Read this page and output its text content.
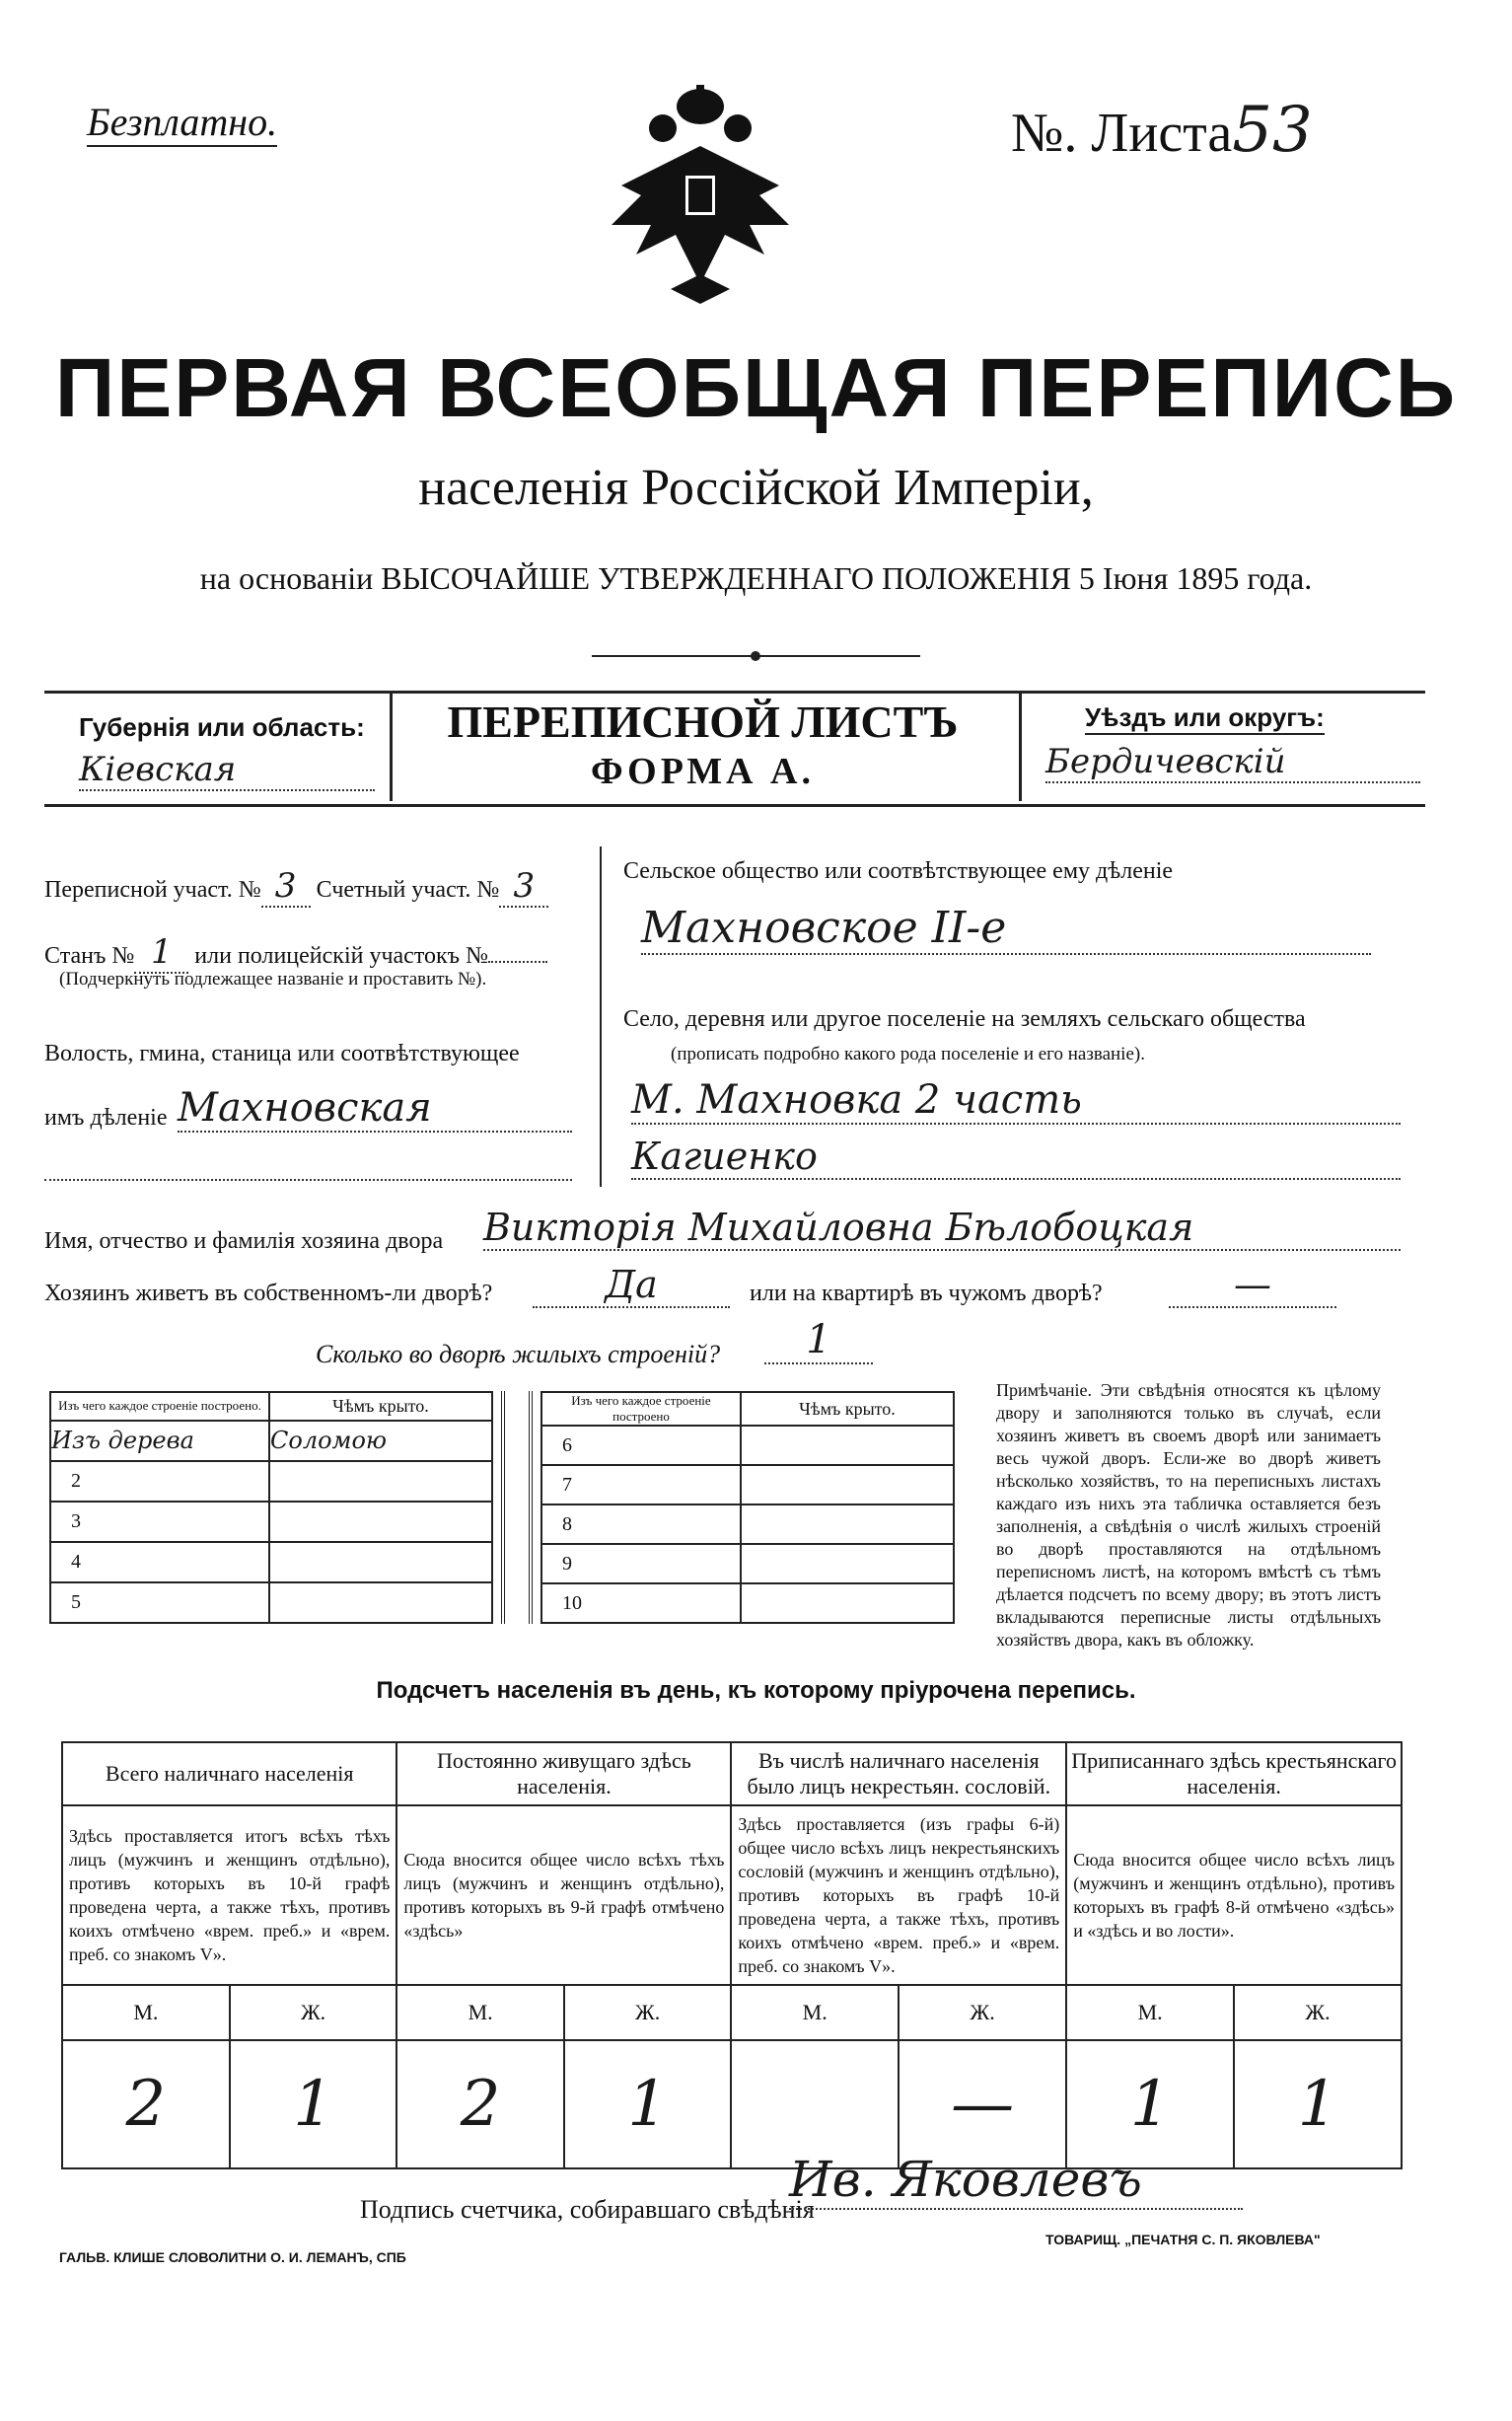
Безплатно.	№. Листа53
ПЕРВАЯ ВСЕОБЩАЯ ПЕРЕПИСЬ
населенія Россійской Имперіи,
на основаніи ВЫСОЧАЙШЕ УТВЕРЖДЕННАГО ПОЛОЖЕНІЯ 5 Іюня 1895 года.
Губернія или область:
Кіевская
ПЕРЕПИСНОЙ ЛИСТЪ
ФОРМА А.
Уѣздъ или округъ:
Бердичевскій
Переписной участ. № 3 Счетный участ. № 3
Станъ № 1 или полицейскій участокъ №
(Подчеркнуть подлежащее названіе и проставить №).
Волость, гмина, станица или соотвѣтствующее
имъ дѣленіе Махновская
Сельское общество или соотвѣтствующее ему дѣленіе
Махновское II-е
Село, деревня или другое поселеніе на земляхъ сельскаго общества
(прописать подробно какого рода поселеніе и его названіе).
М. Махновка 2 часть
Кагиенко
Имя, отчество и фамилія хозяина двора Викторія Михайловна Бѣлобоцкая
Хозяинъ живетъ въ собственномъ-ли дворѣ?	Да	или на квартирѣ въ чужомъ дворѣ?	—
Сколько во дворѣ жилыхъ строеній?	1
Изъ чего каждое строеніе построено.	Чѣмъ крыто.
Изъ дерева	Соломою
2	
3	
4	
5	
Изъ чего каждое строеніе построено	Чѣмъ крыто.
6	
7	
8	
9	
10	
Примѣчаніе. Эти свѣдѣнія относятся къ цѣлому двору и заполняются только въ случаѣ, если хозяинъ живетъ въ своемъ дворѣ или занимаетъ весь чужой дворъ. Если-же во дворѣ живетъ нѣсколько хозяйствъ, то на переписныхъ листахъ каждаго изъ нихъ эта табличка оставляется безъ заполненія, а свѣдѣнія о числѣ жилыхъ строеній во дворѣ проставляются на отдѣльномъ переписномъ листѣ, на которомъ вмѣстѣ съ тѣмъ дѣлается подсчетъ по всему двору; въ этотъ листъ вкладываются переписные листы отдѣльныхъ хозяйствъ двора, какъ въ обложку.
Подсчетъ населенія въ день, къ которому пріурочена перепись.
Всего наличнаго населенія		Постоянно живущаго здѣсь населенія.		Въ числѣ наличнаго населенія было лицъ некрестьян. сословій.		Приписаннаго здѣсь крестьянскаго населенія.	
Здѣсь проставляется итогъ всѣхъ тѣхъ лицъ (мужчинъ и женщинъ отдѣльно), противъ которыхъ въ 10-й графѣ проведена черта, а также тѣхъ, противъ коихъ отмѣчено «врем. преб.» и «врем. преб. со знакомъ V».		Сюда вносится общее число всѣхъ тѣхъ лицъ (мужчинъ и женщинъ отдѣльно), противъ которыхъ въ 9-й графѣ отмѣчено «здѣсь»		Здѣсь проставляется (изъ графы 6-й) общее число всѣхъ лицъ некрестьянскихъ сословій (мужчинъ и женщинъ отдѣльно), противъ которыхъ въ графѣ 10-й проведена черта, а также тѣхъ, противъ коихъ отмѣчено «врем. преб.» и «врем. преб. со знакомъ V».		Сюда вносится общее число всѣхъ лицъ (мужчинъ и женщинъ отдѣльно), противъ которыхъ въ графѣ 8-й отмѣчено «здѣсь» и «здѣсь и во лости».	
М.	Ж.	М.	Ж.	М.	Ж.	М.	Ж.
2	1	2	1		—	1	1
Подпись счетчика, собиравшаго свѣдѣнія
Ив. Яковлевъ
ГАЛЬВ. КЛИШЕ СЛОВОЛИТНИ О. И. ЛЕМАНЪ, СПБ
ТОВАРИЩ. „ПЕЧАТНЯ С. П. ЯКОВЛЕВА"
